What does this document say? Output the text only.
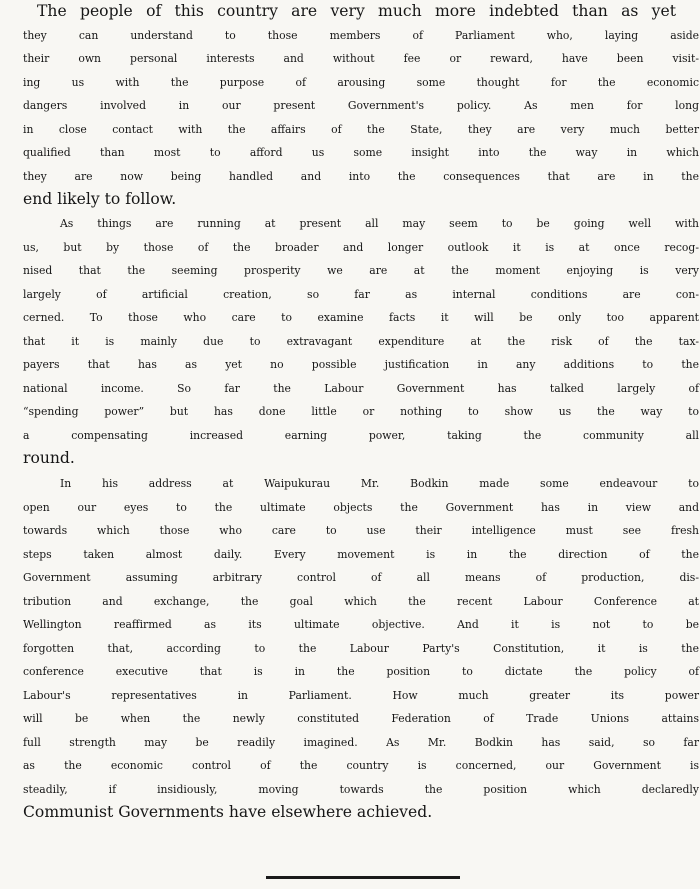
The people of this country are very much more indebted than as yet
they can understand to those members of Parliament who, laying aside
their own personal interests and without fee or reward, have been visit-
ing us with the purpose of arousing some thought for the economic
dangers involved in our present Government's policy. As men for long
in close contact with the affairs of the State, they are very much better
qualified than most to afford us some insight into the way in which
they are now being handled and into the consequences that are in the
end likely to follow.
As things are running at present all may seem to be going well with
us, but by those of the broader and longer outlook it is at once recog-
nised that the seeming prosperity we are at the moment enjoying is very
largely of artificial creation, so far as internal conditions are con-
cerned. To those who care to examine facts it will be only too apparent
that it is mainly due to extravagant expenditure at the risk of the tax-
payers that has as yet no possible justification in any additions to the
national income. So far the Labour Government has talked largely of
“spending power” but has done little or nothing to show us the way to
a compensating increased earning power, taking the community all
round.
In his address at Waipukurau Mr. Bodkin made some endeavour to
open our eyes to the ultimate objects the Government has in view and
towards which those who care to use their intelligence must see fresh
steps taken almost daily. Every movement is in the direction of the
Government assuming arbitrary control of all means of production, dis-
tribution and exchange, the goal which the recent Labour Conference at
Wellington reaffirmed as its ultimate objective. And it is not to be
forgotten that, according to the Labour Party's Constitution, it is the
conference executive that is in the position to dictate the policy of
Labour's representatives in Parliament. How much greater its power
will be when the newly constituted Federation of Trade Unions attains
full strength may be readily imagined. As Mr. Bodkin has said, so far
as the economic control of the country is concerned, our Government is
steadily, if insidiously, moving towards the position which declaredly
Communist Governments have elsewhere achieved.
